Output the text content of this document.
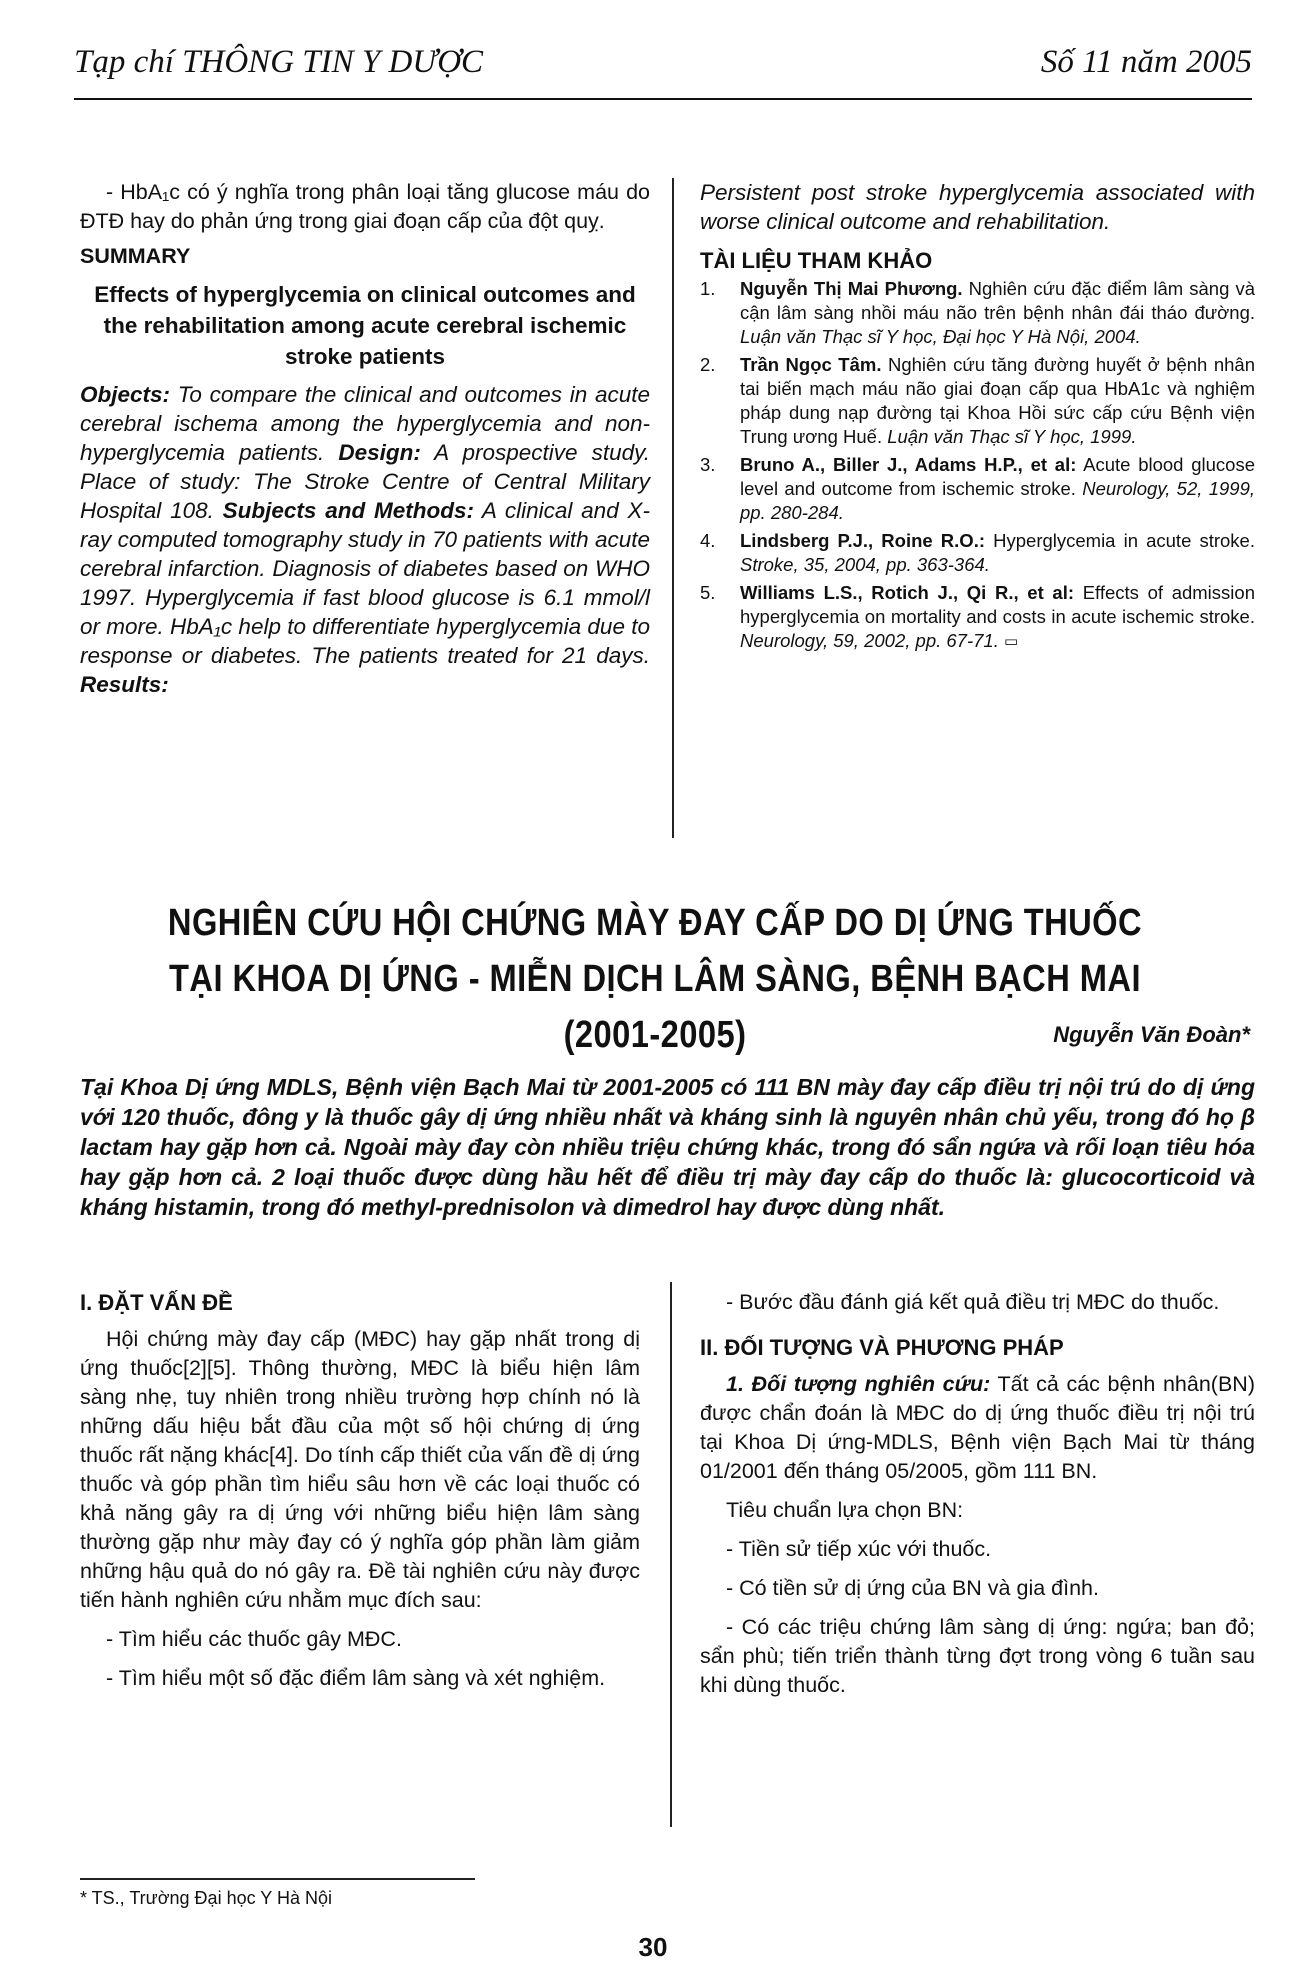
Tạp chí THÔNG TIN Y DƯỢC	Số 11 năm 2005

- HbA₁c có ý nghĩa trong phân loại tăng glucose máu do ĐTĐ hay do phản ứng trong giai đoạn cấp của đột quỵ.

SUMMARY

Effects of hyperglycemia on clinical outcomes and the rehabilitation among acute cerebral ischemic stroke patients

Objects: To compare the clinical and outcomes in acute cerebral ischema among the hyperglycemia and non-hyperglycemia patients. Design: A prospective study. Place of study: The Stroke Centre of Central Military Hospital 108. Subjects and Methods: A clinical and X-ray computed tomography study in 70 patients with acute cerebral infarction. Diagnosis of diabetes based on WHO 1997. Hyperglycemia if fast blood glucose is 6.1 mmol/l or more. HbA₁c help to differentiate hyperglycemia due to response or diabetes. The patients treated for 21 days. Results:

Persistent post stroke hyperglycemia associated with worse clinical outcome and rehabilitation.

TÀI LIỆU THAM KHẢO

1. Nguyễn Thị Mai Phương. Nghiên cứu đặc điểm lâm sàng và cận lâm sàng nhồi máu não trên bệnh nhân đái tháo đường. Luận văn Thạc sĩ Y học, Đại học Y Hà Nội, 2004.
2. Trần Ngọc Tâm. Nghiên cứu tăng đường huyết ở bệnh nhân tai biến mạch máu não giai đoạn cấp qua HbA1c và nghiệm pháp dung nạp đường tại Khoa Hồi sức cấp cứu Bệnh viện Trung ương Huế. Luận văn Thạc sĩ Y học, 1999.
3. Bruno A., Biller J., Adams H.P., et al: Acute blood glucose level and outcome from ischemic stroke. Neurology, 52, 1999, pp. 280-284.
4. Lindsberg P.J., Roine R.O.: Hyperglycemia in acute stroke. Stroke, 35, 2004, pp. 363-364.
5. Williams L.S., Rotich J., Qi R., et al: Effects of admission hyperglycemia on mortality and costs in acute ischemic stroke. Neurology, 59, 2002, pp. 67-71. ▭
NGHIÊN CỨU HỘI CHỨNG MÀY ĐAY CẤP DO DỊ ỨNG THUỐC
TẠI KHOA DỊ ỨNG - MIỄN DỊCH LÂM SÀNG, BỆNH BẠCH MAI (2001-2005)	Nguyễn Văn Đoàn*
Tại Khoa Dị ứng MDLS, Bệnh viện Bạch Mai từ 2001-2005 có 111 BN mày đay cấp điều trị nội trú do dị ứng với 120 thuốc, đông y là thuốc gây dị ứng nhiều nhất và kháng sinh là nguyên nhân chủ yếu, trong đó họ β lactam hay gặp hơn cả. Ngoài mày đay còn nhiều triệu chứng khác, trong đó sẩn ngứa và rối loạn tiêu hóa hay gặp hơn cả. 2 loại thuốc được dùng hầu hết để điều trị mày đay cấp do thuốc là: glucocorticoid và kháng histamin, trong đó methyl-prednisolon và dimedrol hay được dùng nhất.

I. ĐẶT VẤN ĐỀ

Hội chứng mày đay cấp (MĐC) hay gặp nhất trong dị ứng thuốc[2][5]. Thông thường, MĐC là biểu hiện lâm sàng nhẹ, tuy nhiên trong nhiều trường hợp chính nó là những dấu hiệu bắt đầu của một số hội chứng dị ứng thuốc rất nặng khác[4]. Do tính cấp thiết của vấn đề dị ứng thuốc và góp phần tìm hiểu sâu hơn về các loại thuốc có khả năng gây ra dị ứng với những biểu hiện lâm sàng thường gặp như mày đay có ý nghĩa góp phần làm giảm những hậu quả do nó gây ra. Đề tài nghiên cứu này được tiến hành nghiên cứu nhằm mục đích sau:

- Tìm hiểu các thuốc gây MĐC.

- Tìm hiểu một số đặc điểm lâm sàng và xét nghiệm.

- Bước đầu đánh giá kết quả điều trị MĐC do thuốc.

II. ĐỐI TƯỢNG VÀ PHƯƠNG PHÁP

1. Đối tượng nghiên cứu: Tất cả các bệnh nhân(BN) được chẩn đoán là MĐC do dị ứng thuốc điều trị nội trú tại Khoa Dị ứng-MDLS, Bệnh viện Bạch Mai từ tháng 01/2001 đến tháng 05/2005, gồm 111 BN.

Tiêu chuẩn lựa chọn BN:

- Tiền sử tiếp xúc với thuốc.

- Có tiền sử dị ứng của BN và gia đình.

- Có các triệu chứng lâm sàng dị ứng: ngứa; ban đỏ; sẩn phù; tiến triển thành từng đợt trong vòng 6 tuần sau khi dùng thuốc.

* TS., Trường Đại học Y Hà Nội
30
